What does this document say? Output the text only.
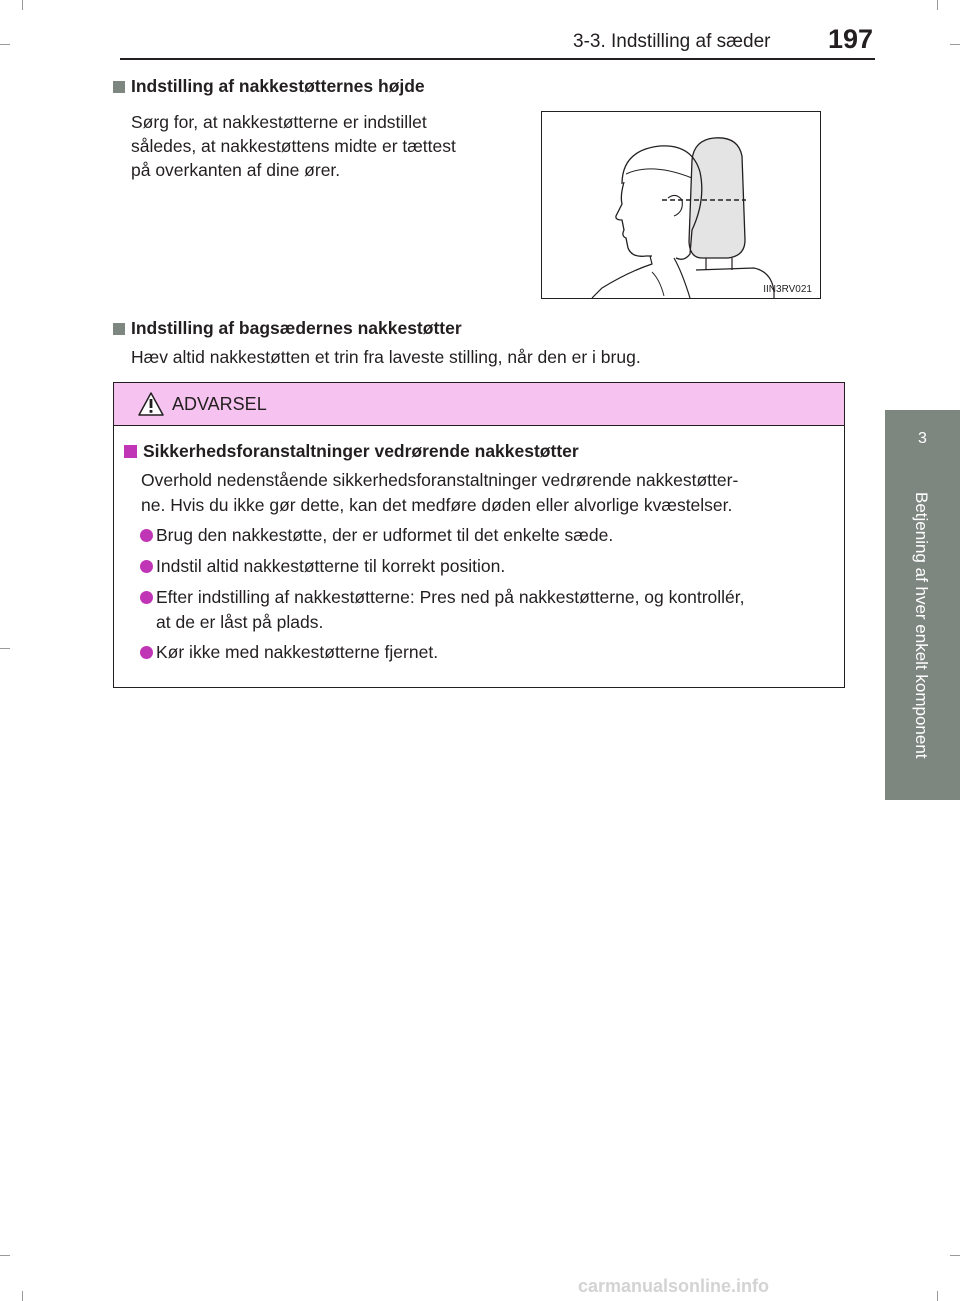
3-3. Indstilling af sæder 197
3
Betjening af hver enkelt komponent
Indstilling af nakkestøtternes højde
Sørg for, at nakkestøtterne er indstillet
således, at nakkestøttens midte er tættest
på overkanten af dine ører.
IIN3RV021
Indstilling af bagsædernes nakkestøtter
Hæv altid nakkestøtten et trin fra laveste stilling, når den er i brug.
ADVARSEL
Sikkerhedsforanstaltninger vedrørende nakkestøtter
Overhold nedenstående sikkerhedsforanstaltninger vedrørende nakkestøtter-
ne. Hvis du ikke gør dette, kan det medføre døden eller alvorlige kvæstelser.
Brug den nakkestøtte, der er udformet til det enkelte sæde.
Indstil altid nakkestøtterne til korrekt position.
Efter indstilling af nakkestøtterne: Pres ned på nakkestøtterne, og kontrollér,
at de er låst på plads.
Kør ikke med nakkestøtterne fjernet.
carmanualsonline.info
